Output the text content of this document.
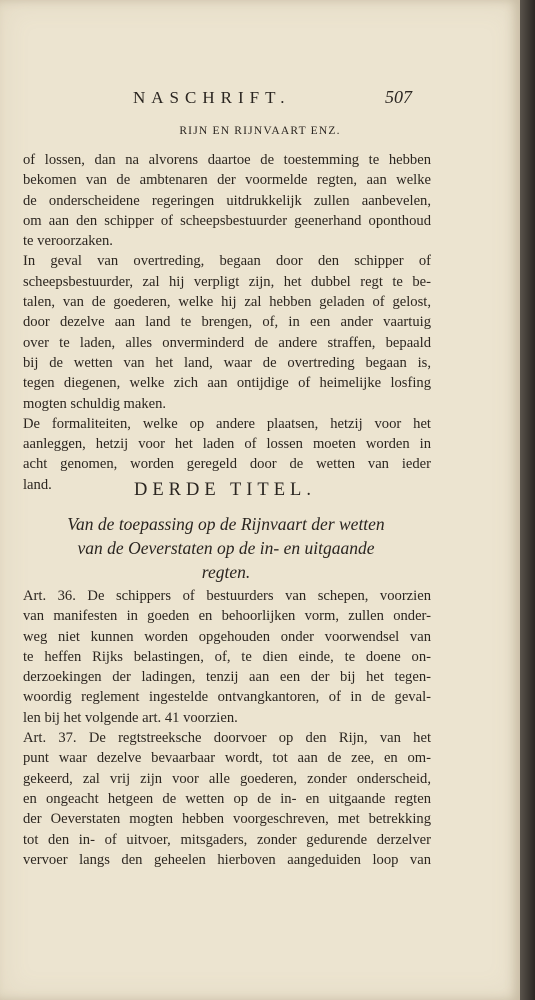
NASCHRIFT.	507
RIJN EN RIJNVAART ENZ.
of lossen, dan na alvorens daartoe de toestemming te hebben
bekomen van de ambtenaren der voormelde regten, aan welke
de onderscheidene regeringen uitdrukkelijk zullen aanbevelen,
om aan den schipper of scheepsbestuurder geenerhand oponthoud
te veroorzaken.
In geval van overtreding, begaan door den schipper of
scheepsbestuurder, zal hij verpligt zijn, het dubbel regt te be-
talen, van de goederen, welke hij zal hebben geladen of gelost,
door dezelve aan land te brengen, of, in een ander vaartuig
over te laden, alles onverminderd de andere straffen, bepaald
bij de wetten van het land, waar de overtreding begaan is,
tegen diegenen, welke zich aan ontijdige of heimelijke losfing
mogten schuldig maken.
De formaliteiten, welke op andere plaatsen, hetzij voor het
aanleggen, hetzij voor het laden of lossen moeten worden in
acht genomen, worden geregeld door de wetten van ieder
land.	DERDE TITEL.
Van de toepassing op de Rijnvaart der wetten
van de Oeverstaten op de in- en uitgaande
regten.
Art. 36. De schippers of bestuurders van schepen, voorzien
van manifesten in goeden en behoorlijken vorm, zullen onder-
weg niet kunnen worden opgehouden onder voorwendsel van
te heffen Rijks belastingen, of, te dien einde, te doene on-
derzoekingen der ladingen, tenzij aan een der bij het tegen-
woordig reglement ingestelde ontvangkantoren, of in de geval-
len bij het volgende art. 41 voorzien.
Art. 37. De regtstreeksche doorvoer op den Rijn, van het
punt waar dezelve bevaarbaar wordt, tot aan de zee, en om-
gekeerd, zal vrij zijn voor alle goederen, zonder onderscheid,
en ongeacht hetgeen de wetten op de in- en uitgaande regten
der Oeverstaten mogten hebben voorgeschreven, met betrekking
tot den in- of uitvoer, mitsgaders, zonder gedurende derzelver
vervoer langs den geheelen hierboven aangeduiden loop van
